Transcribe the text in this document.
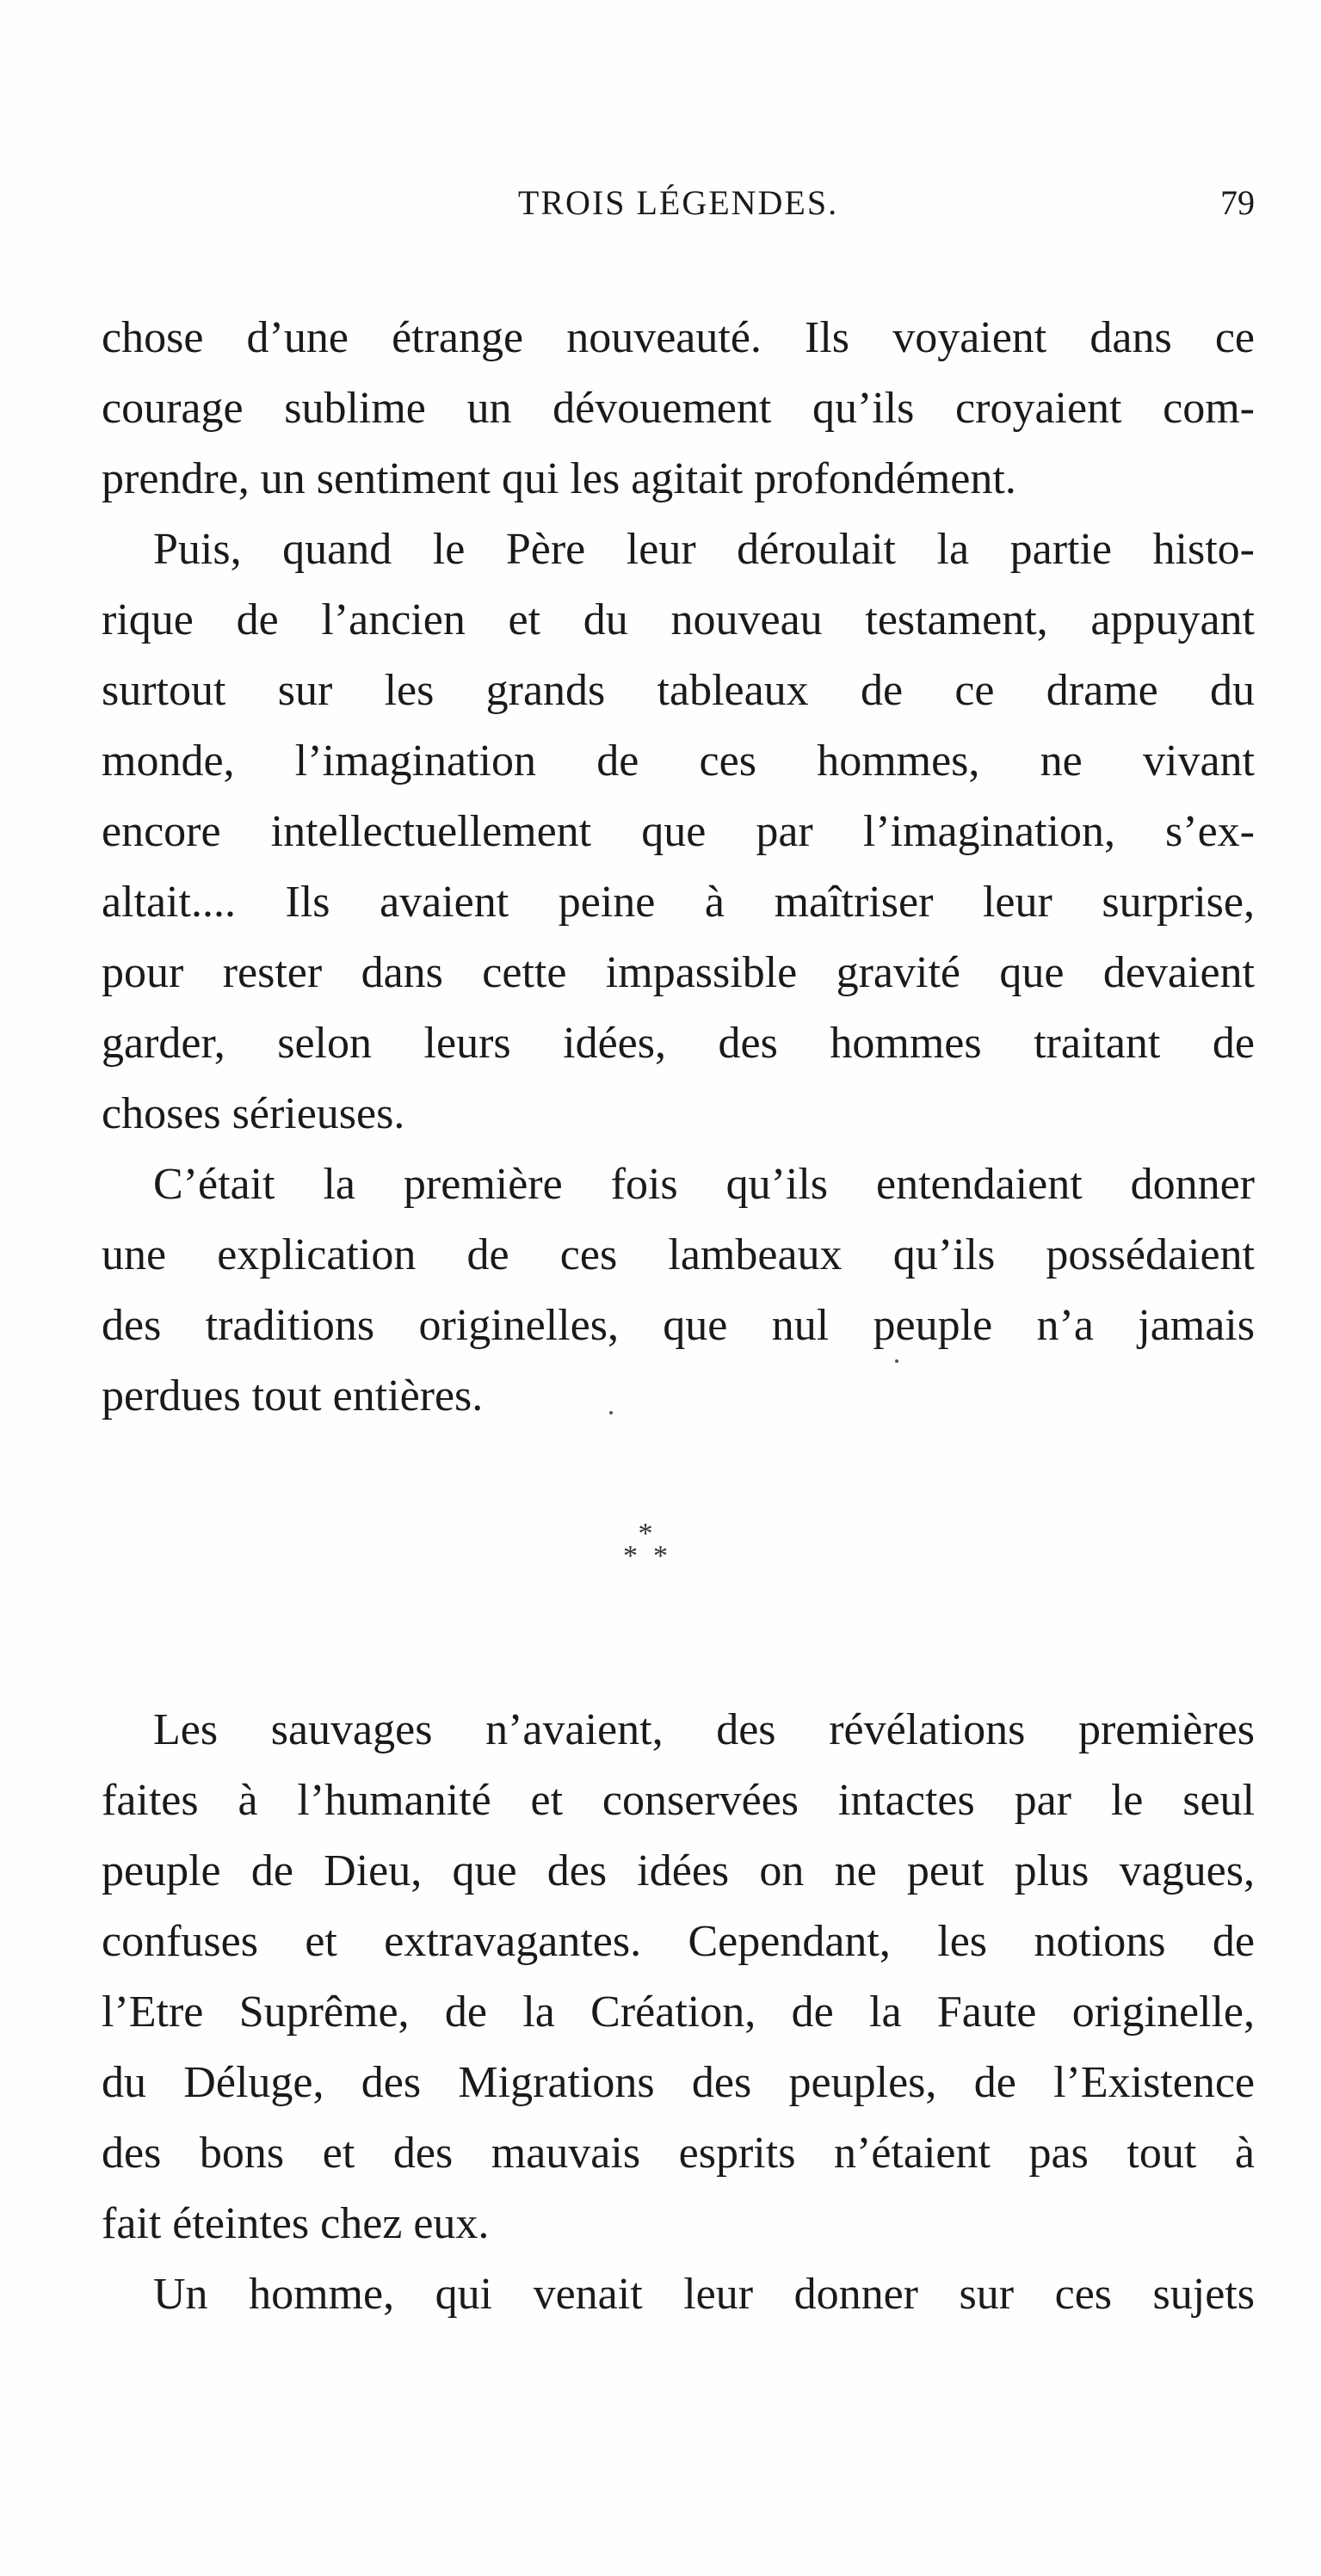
TROIS LÉGENDES.	79
chose d’une étrange nouveauté. Ils voyaient dans ce
courage sublime un dévouement qu’ils croyaient com-
prendre, un sentiment qui les agitait profondément.
Puis, quand le Père leur déroulait la partie histo-
rique de l’ancien et du nouveau testament, appuyant
surtout sur les grands tableaux de ce drame du
monde, l’imagination de ces hommes, ne vivant
encore intellectuellement que par l’imagination, s’ex-
altait.... Ils avaient peine à maîtriser leur surprise,
pour rester dans cette impassible gravité que devaient
garder, selon leurs idées, des hommes traitant de
choses sérieuses.
C’était la première fois qu’ils entendaient donner
une explication de ces lambeaux qu’ils possédaient
des traditions originelles, que nul peuple n’a jamais
perdues tout entières.
*
**
Les sauvages n’avaient, des révélations premières
faites à l’humanité et conservées intactes par le seul
peuple de Dieu, que des idées on ne peut plus vagues,
confuses et extravagantes. Cependant, les notions de
l’Etre Suprême, de la Création, de la Faute originelle,
du Déluge, des Migrations des peuples, de l’Existence
des bons et des mauvais esprits n’étaient pas tout à
fait éteintes chez eux.
Un homme, qui venait leur donner sur ces sujets
